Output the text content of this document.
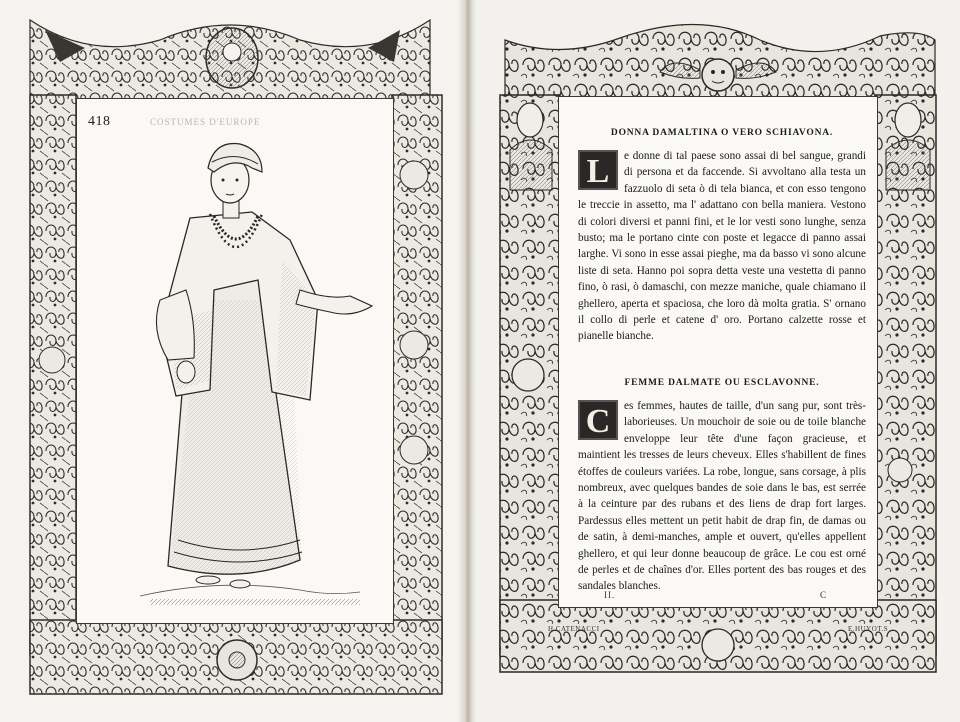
COSTUMES D'EUROPE
418
DONNA DAMALTINA O VERO SCHIAVONA.
L	e donne di tal paese sono assai di bel sangue, grandi di persona et da faccende. Si avvoltano alla testa un fazzuolo di seta ò di tela bianca, et con esso tengono le treccie in assetto, ma l' adattano con bella maniera. Vestono di colori diversi et panni fini, et le lor vesti sono lunghe, senza busto; ma le portano cinte con poste et legacce di panno assai larghe. Vi sono in esse assai pieghe, ma da basso vi sono alcune liste di seta. Hanno poi sopra detta veste una vestetta di panno fino, ò rasi, ò damaschi, con mezze maniche, quale chiamano il ghellero, aperta et spaciosa, che loro dà molta gratia. S' ornano il collo di perle et catene d' oro. Portano calzette rosse et pianelle bianche.
FEMME DALMATE OU ESCLAVONNE.
C	es femmes, hautes de taille, d'un sang pur, sont très-laborieuses. Un mouchoir de soie ou de toile blanche enveloppe leur tête d'une façon gracieuse, et maintient les tresses de leurs cheveux. Elles s'habillent de fines étoffes de couleurs variées. La robe, longue, sans corsage, à plis nombreux, avec quelques bandes de soie dans le bas, est serrée à la ceinture par des rubans et des liens de drap fort larges. Pardessus elles mettent un petit habit de drap fin, de damas ou de satin, à demi-manches, ample et ouvert, qu'elles appellent ghellero, et qui leur donne beaucoup de grâce. Le cou est orné de perles et de chaînes d'or. Elles portent des bas rouges et des sandales blanches.
II.	C
H.CATENACCI	E.HUYOT.S
